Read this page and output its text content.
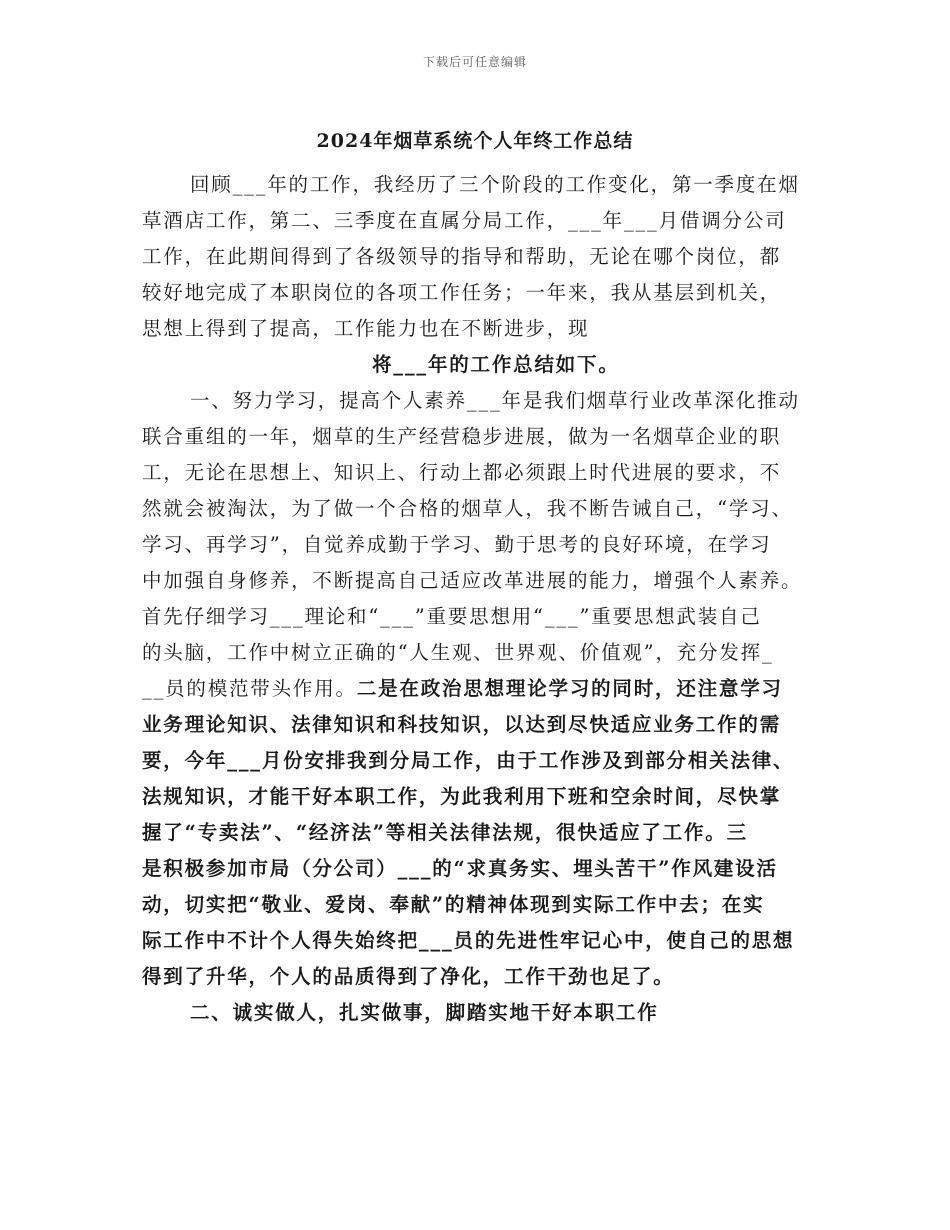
下载后可任意编辑
2024年烟草系统个人年终工作总结
回顾___年的工作，我经历了三个阶段的工作变化，第一季度在烟
草酒店工作，第二、三季度在直属分局工作，___年___月借调分公司
工作，在此期间得到了各级领导的指导和帮助，无论在哪个岗位，都
较好地完成了本职岗位的各项工作任务；一年来，我从基层到机关，
思想上得到了提高，工作能力也在不断进步，现
将___年的工作总结如下。
一、努力学习，提高个人素养___年是我们烟草行业改革深化推动
联合重组的一年，烟草的生产经营稳步进展，做为一名烟草企业的职
工，无论在思想上、知识上、行动上都必须跟上时代进展的要求，不
然就会被淘汰，为了做一个合格的烟草人，我不断告诫自己，“学习、
学习、再学习”，自觉养成勤于学习、勤于思考的良好环境，在学习
中加强自身修养，不断提高自己适应改革进展的能力，增强个人素养。
首先仔细学习___理论和“___”重要思想用“___”重要思想武装自己
的头脑，工作中树立正确的“人生观、世界观、价值观”，充分发挥_
__员的模范带头作用。二是在政治思想理论学习的同时，还注意学习
业务理论知识、法律知识和科技知识，以达到尽快适应业务工作的需
要，今年___月份安排我到分局工作，由于工作涉及到部分相关法律、
法规知识，才能干好本职工作，为此我利用下班和空余时间，尽快掌
握了“专卖法”、“经济法”等相关法律法规，很快适应了工作。三
是积极参加市局（分公司）___的“求真务实、埋头苦干”作风建设活
动，切实把“敬业、爱岗、奉献”的精神体现到实际工作中去；在实
际工作中不计个人得失始终把___员的先进性牢记心中，使自己的思想
得到了升华，个人的品质得到了净化，工作干劲也足了。
二、诚实做人，扎实做事，脚踏实地干好本职工作
